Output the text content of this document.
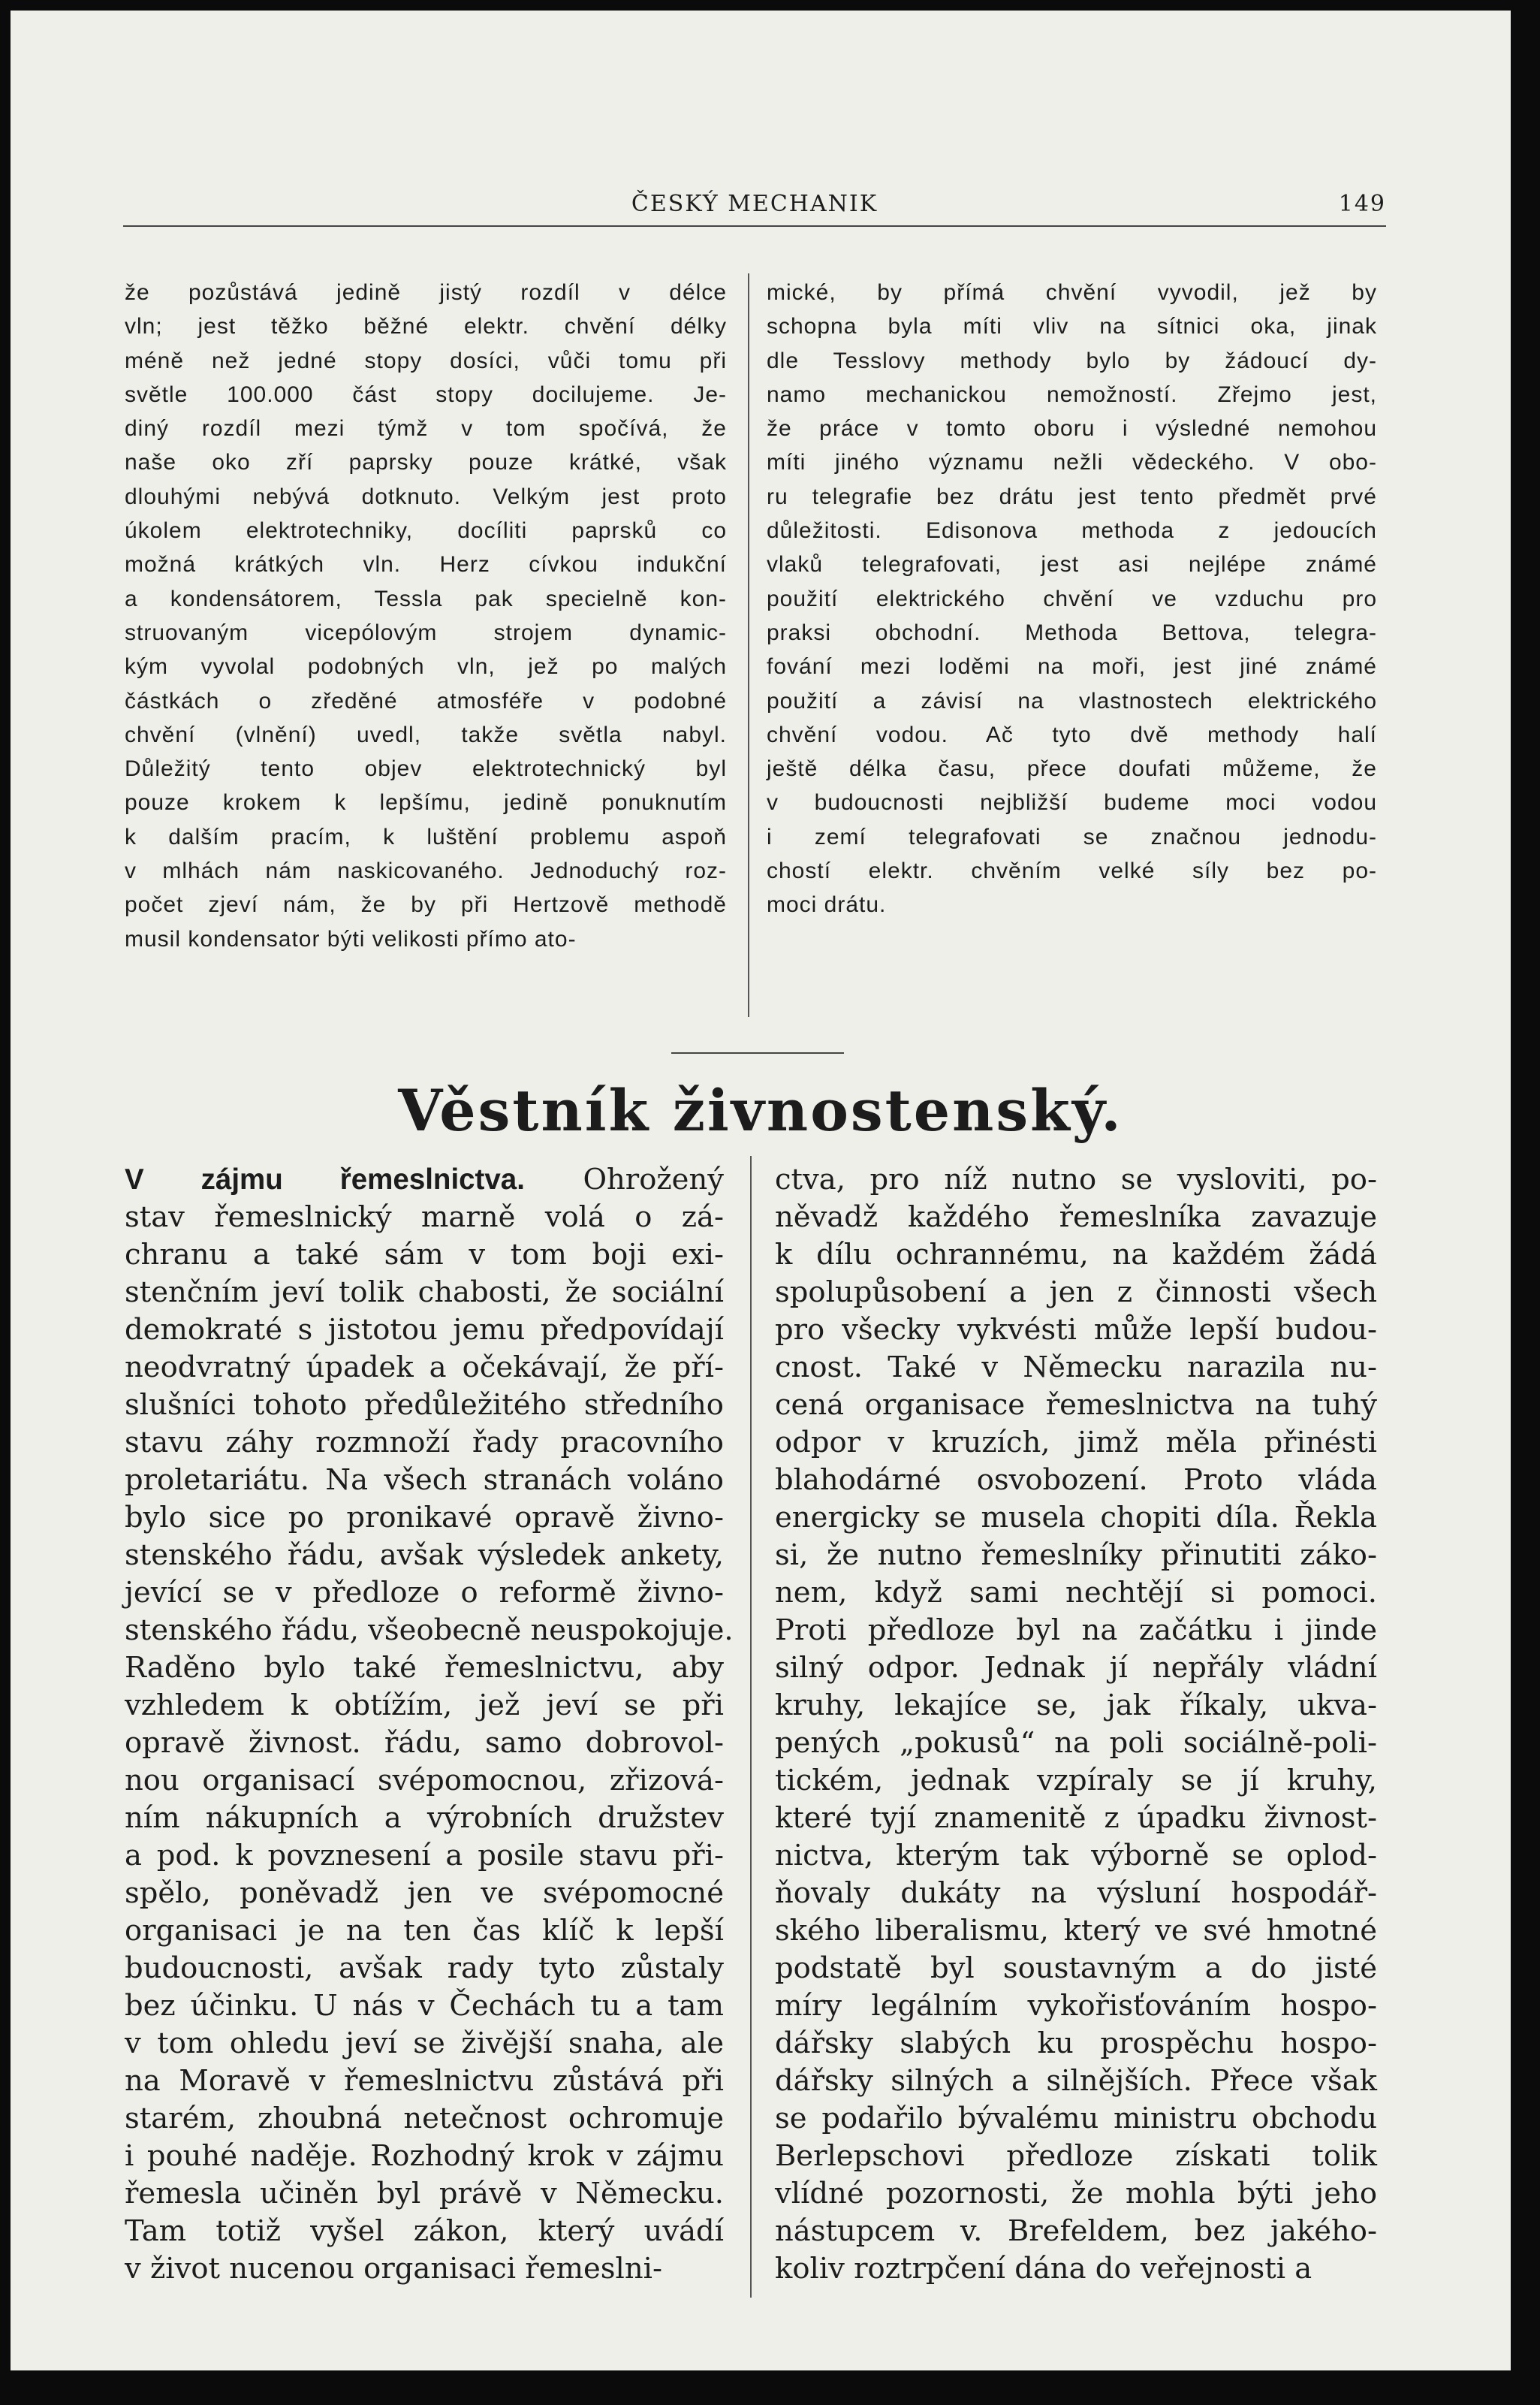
ČESKÝ MECHANIK	149
že pozůstává jedině jistý rozdíl v délce
vln; jest těžko běžné elektr. chvění délky
méně než jedné stopy dosíci, vůči tomu při
světle 100.000 část stopy docilujeme. Je-
diný rozdíl mezi týmž v tom spočívá, že
naše oko zří paprsky pouze krátké, však
dlouhými nebývá dotknuto. Velkým jest proto
úkolem elektrotechniky, docíliti paprsků co
možná krátkých vln. Herz cívkou indukční
a kondensátorem, Tessla pak specielně kon-
struovaným vicepólovým strojem dynamic-
kým vyvolal podobných vln, jež po malých
částkách o zředěné atmosféře v podobné
chvění (vlnění) uvedl, takže světla nabyl.
Důležitý tento objev elektrotechnický byl
pouze krokem k lepšímu, jedině ponuknutím
k dalším pracím, k luštění problemu aspoň
v mlhách nám naskicovaného. Jednoduchý roz-
počet zjeví nám, že by při Hertzově methodě
musil kondensator býti velikosti přímo ato-
mické, by přímá chvění vyvodil, jež by
schopna byla míti vliv na sítnici oka, jinak
dle Tesslovy methody bylo by žádoucí dy-
namo mechanickou nemožností. Zřejmo jest,
že práce v tomto oboru i výsledné nemohou
míti jiného významu nežli vědeckého. V obo-
ru telegrafie bez drátu jest tento předmět prvé
důležitosti. Edisonova methoda z jedoucích
vlaků telegrafovati, jest asi nejlépe známé
použití elektrického chvění ve vzduchu pro
praksi obchodní. Methoda Bettova, telegra-
fování mezi loděmi na moři, jest jiné známé
použití a závisí na vlastnostech elektrického
chvění vodou. Ač tyto dvě methody halí
ještě délka času, přece doufati můžeme, že
v budoucnosti nejbližší budeme moci vodou
i zemí telegrafovati se značnou jednodu-
chostí elektr. chvěním velké síly bez po-
moci drátu.
Věstník živnostenský.
V zájmu řemeslnictva. Ohrožený
stav řemeslnický marně volá o zá-
chranu a také sám v tom boji exi-
stenčním jeví tolik chabosti, že sociální
demokraté s jistotou jemu předpovídají
neodvratný úpadek a očekávají, že pří-
slušníci tohoto předůležitého středního
stavu záhy rozmnoží řady pracovního
proletariátu. Na všech stranách voláno
bylo sice po pronikavé opravě živno-
stenského řádu, avšak výsledek ankety,
jevící se v předloze o reformě živno-
stenského řádu, všeobecně neuspokojuje.
Raděno bylo také řemeslnictvu, aby
vzhledem k obtížím, jež jeví se při
opravě živnost. řádu, samo dobrovol-
nou organisací svépomocnou, zřizová-
ním nákupních a výrobních družstev
a pod. k povznesení a posile stavu při-
spělo, poněvadž jen ve svépomocné
organisaci je na ten čas klíč k lepší
budoucnosti, avšak rady tyto zůstaly
bez účinku. U nás v Čechách tu a tam
v tom ohledu jeví se živější snaha, ale
na Moravě v řemeslnictvu zůstává při
starém, zhoubná netečnost ochromuje
i pouhé naděje. Rozhodný krok v zájmu
řemesla učiněn byl právě v Německu.
Tam totiž vyšel zákon, který uvádí
v život nucenou organisaci řemeslni-
ctva, pro níž nutno se vysloviti, po-
něvadž každého řemeslníka zavazuje
k dílu ochrannému, na každém žádá
spolupůsobení a jen z činnosti všech
pro všecky vykvésti může lepší budou-
cnost. Také v Německu narazila nu-
cená organisace řemeslnictva na tuhý
odpor v kruzích, jimž měla přinésti
blahodárné osvobození. Proto vláda
energicky se musela chopiti díla. Řekla
si, že nutno řemeslníky přinutiti záko-
nem, když sami nechtějí si pomoci.
Proti předloze byl na začátku i jinde
silný odpor. Jednak jí nepřály vládní
kruhy, lekajíce se, jak říkaly, ukva-
pených „pokusů“ na poli sociálně-poli-
tickém, jednak vzpíraly se jí kruhy,
které tyjí znamenitě z úpadku živnost-
nictva, kterým tak výborně se oplod-
ňovaly dukáty na výsluní hospodář-
ského liberalismu, který ve své hmotné
podstatě byl soustavným a do jisté
míry legálním vykořisťováním hospo-
dářsky slabých ku prospěchu hospo-
dářsky silných a silnějších. Přece však
se podařilo bývalému ministru obchodu
Berlepschovi předloze získati tolik
vlídné pozornosti, že mohla býti jeho
nástupcem v. Brefeldem, bez jakého-
koliv roztrpčení dána do veřejnosti a
